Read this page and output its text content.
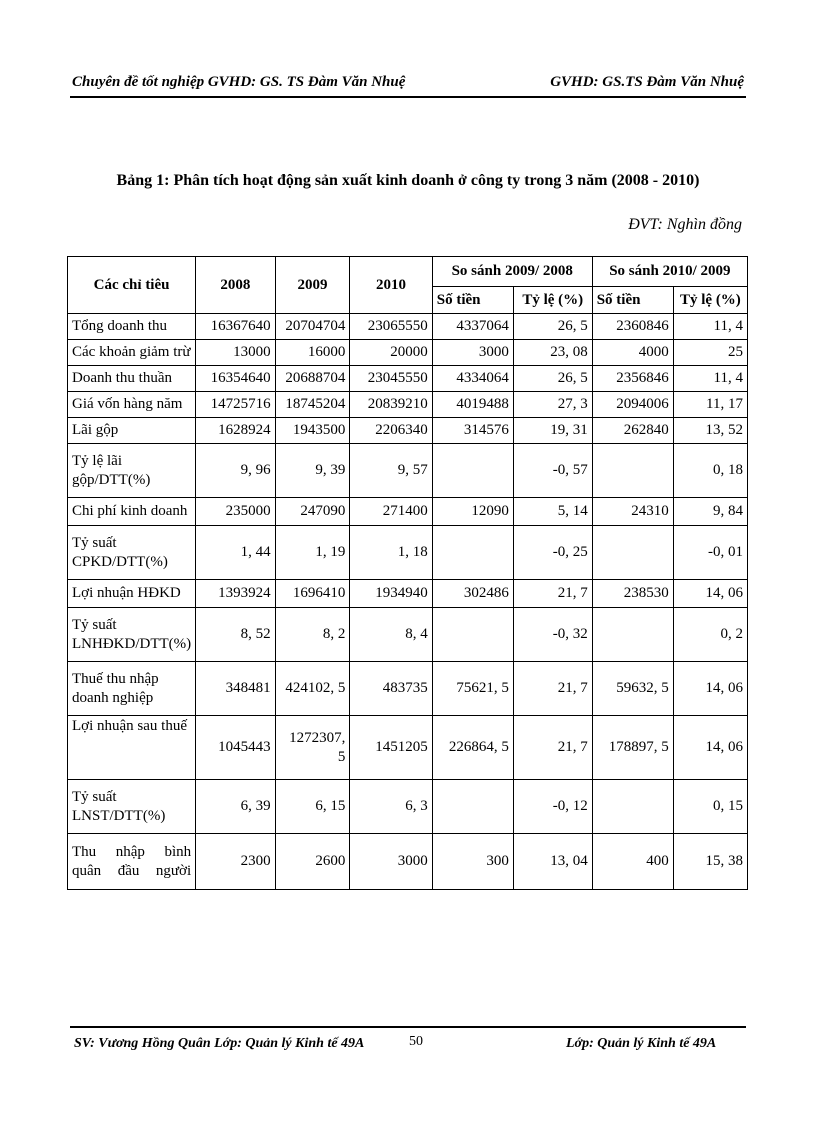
Chuyên đề tốt nghiệp GVHD: GS. TS Đàm Văn Nhuệ	GVHD: GS.TS Đàm Văn Nhuệ
Bảng 1: Phân tích hoạt động sản xuất kinh doanh ở công ty trong 3 năm (2008 - 2010)
ĐVT: Nghìn đồng
Các chỉ tiêu	2008	2009	2010	So sánh 2009/ 2008		So sánh 2010/ 2009	
				Số tiền	Tỷ lệ (%)	Số tiền	Tỷ lệ (%)
Tổng doanh thu	16367640	20704704	23065550	4337064	26, 5	2360846	11, 4
Các khoản giảm trừ	13000	16000	20000	3000	23, 08	4000	25
Doanh thu thuần	16354640	20688704	23045550	4334064	26, 5	2356846	11, 4
Giá vốn hàng năm	14725716	18745204	20839210	4019488	27, 3	2094006	11, 17
Lãi gộp	1628924	1943500	2206340	314576	19, 31	262840	13, 52
Tỷ lệ lãi gộp/DTT(%)	9, 96	9, 39	9, 57		-0, 57		0, 18
Chi phí kinh doanh	235000	247090	271400	12090	5, 14	24310	9, 84
Tỷ suất CPKD/DTT(%)	1, 44	1, 19	1, 18		-0, 25		-0, 01
Lợi nhuận HĐKD	1393924	1696410	1934940	302486	21, 7	238530	14, 06
Tỷ suất LNHĐKD/DTT(%)	8, 52	8, 2	8, 4		-0, 32		0, 2
Thuế thu nhập doanh nghiệp	348481	424102, 5	483735	75621, 5	21, 7	59632, 5	14, 06
Lợi nhuận sau thuế	1045443	1272307, 5	1451205	226864, 5	21, 7	178897, 5	14, 06
Tỷ suất LNST/DTT(%)	6, 39	6, 15	6, 3		-0, 12		0, 15
Thu nhập bình quân đầu người	2300	2600	3000	300	13, 04	400	15, 38
SV: Vương Hồng Quân Lớp: Quản lý Kinh tế 49A	50	Lớp: Quản lý Kinh tế 49A
